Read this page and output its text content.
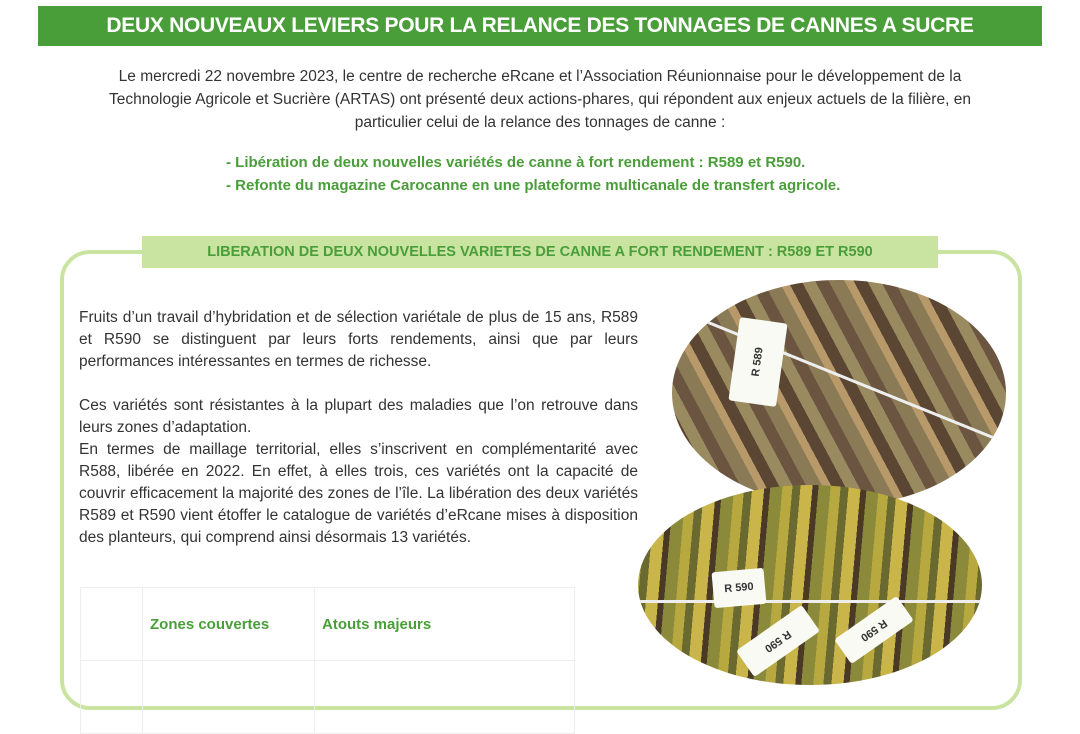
DEUX NOUVEAUX LEVIERS POUR LA RELANCE DES TONNAGES DE CANNES A SUCRE

Le mercredi 22 novembre 2023, le centre de recherche eRcane et l’Association Réunionnaise pour le développement de la Technologie Agricole et Sucrière (ARTAS) ont présenté deux actions-phares, qui répondent aux enjeux actuels de la filière, en particulier celui de la relance des tonnages de canne :

- Libération de deux nouvelles variétés de canne à fort rendement : R589 et R590.
- Refonte du magazine Carocanne en une plateforme multicanale de transfert agricole.
LIBERATION DE DEUX NOUVELLES VARIETES DE CANNE A FORT RENDEMENT : R589 ET R590

Fruits d’un travail d’hybridation et de sélection variétale de plus de 15 ans, R589 et R590 se distinguent par leurs forts rendements, ainsi que par leurs performances intéressantes en termes de richesse.

Ces variétés sont résistantes à la plupart des maladies que l’on retrouve dans leurs zones d’adaptation.

En termes de maillage territorial, elles s’inscrivent en complémentarité avec R588, libérée en 2022. En effet, à elles trois, ces variétés ont la capacité de couvrir efficacement la majorité des zones de l’île. La libération des deux variétés R589 et R590 vient étoffer le catalogue de variétés d’eRcane mises à disposition des planteurs, qui comprend ainsi désormais 13 variétés.

	Zones couvertes	Atouts majeurs

R 589
R 590
R 590	R 590
